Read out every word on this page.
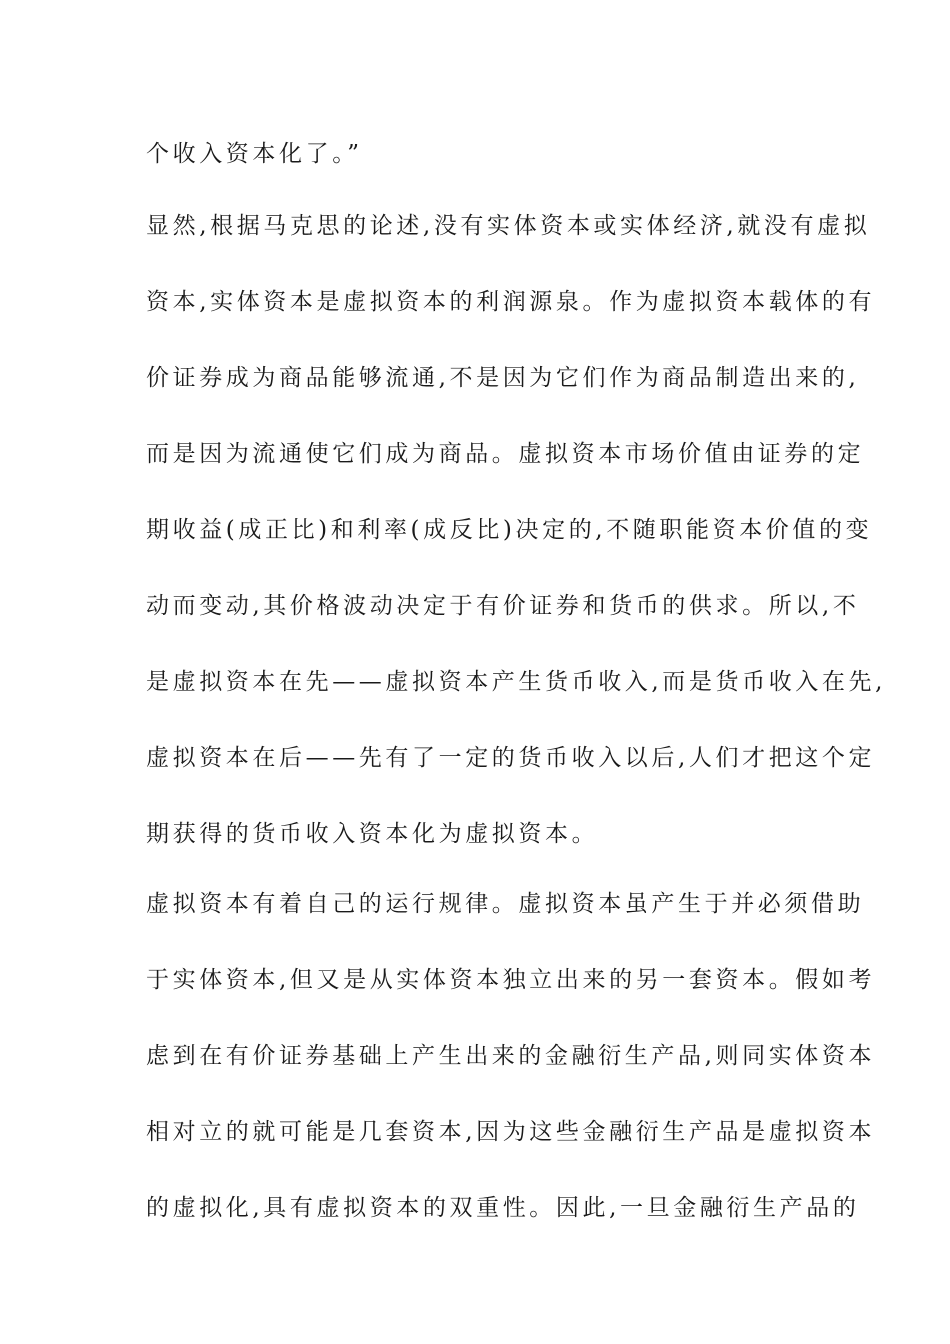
个收入资本化了。”
显然,根据马克思的论述,没有实体资本或实体经济,就没有虚拟
资本,实体资本是虚拟资本的利润源泉。作为虚拟资本载体的有
价证券成为商品能够流通,不是因为它们作为商品制造出来的,
而是因为流通使它们成为商品。虚拟资本市场价值由证券的定
期收益(成正比)和利率(成反比)决定的,不随职能资本价值的变
动而变动,其价格波动决定于有价证券和货币的供求。所以,不
是虚拟资本在先——虚拟资本产生货币收入,而是货币收入在先,
虚拟资本在后——先有了一定的货币收入以后,人们才把这个定
期获得的货币收入资本化为虚拟资本。
虚拟资本有着自己的运行规律。虚拟资本虽产生于并必须借助
于实体资本,但又是从实体资本独立出来的另一套资本。假如考
虑到在有价证券基础上产生出来的金融衍生产品,则同实体资本
相对立的就可能是几套资本,因为这些金融衍生产品是虚拟资本
的虚拟化,具有虚拟资本的双重性。因此,一旦金融衍生产品的
